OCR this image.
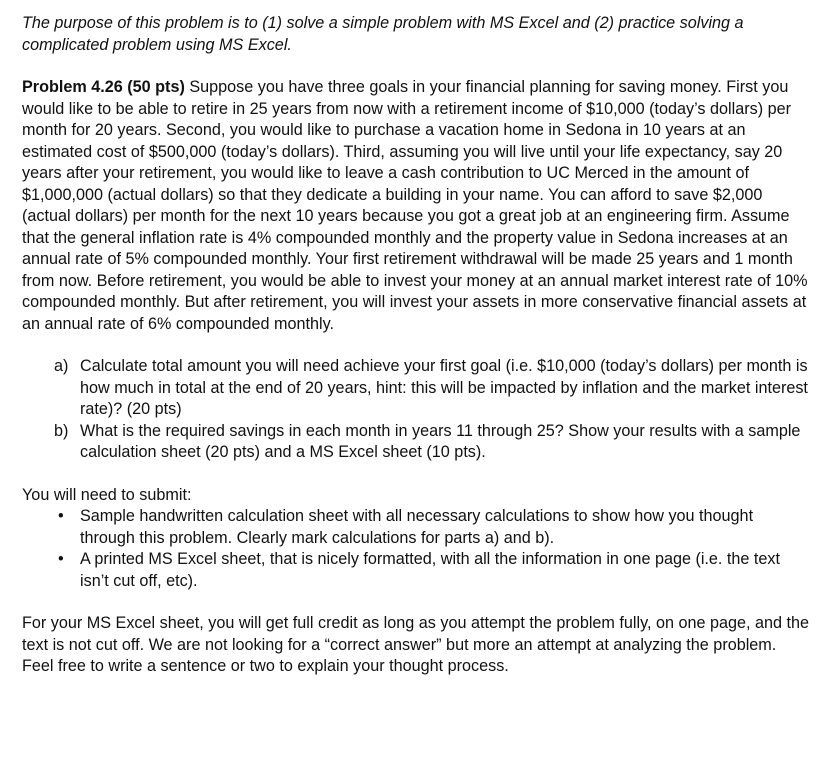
The purpose of this problem is to (1) solve a simple problem with MS Excel and (2) practice solving a complicated problem using MS Excel.

Problem 4.26 (50 pts) Suppose you have three goals in your financial planning for saving money. First you would like to be able to retire in 25 years from now with a retirement income of $10,000 (today’s dollars) per month for 20 years. Second, you would like to purchase a vacation home in Sedona in 10 years at an estimated cost of $500,000 (today’s dollars). Third, assuming you will live until your life expectancy, say 20 years after your retirement, you would like to leave a cash contribution to UC Merced in the amount of $1,000,000 (actual dollars) so that they dedicate a building in your name. You can afford to save $2,000 (actual dollars) per month for the next 10 years because you got a great job at an engineering firm. Assume that the general inflation rate is 4% compounded monthly and the property value in Sedona increases at an annual rate of 5% compounded monthly. Your first retirement withdrawal will be made 25 years and 1 month from now. Before retirement, you would be able to invest your money at an annual market interest rate of 10% compounded monthly. But after retirement, you will invest your assets in more conservative financial assets at an annual rate of 6% compounded monthly.

a) Calculate total amount you will need achieve your first goal (i.e. $10,000 (today’s dollars) per month is how much in total at the end of 20 years, hint: this will be impacted by inflation and the market interest rate)? (20 pts)
b) What is the required savings in each month in years 11 through 25? Show your results with a sample calculation sheet (20 pts) and a MS Excel sheet (10 pts).

You will need to submit:

• Sample handwritten calculation sheet with all necessary calculations to show how you thought through this problem. Clearly mark calculations for parts a) and b).
• A printed MS Excel sheet, that is nicely formatted, with all the information in one page (i.e. the text isn’t cut off, etc).

For your MS Excel sheet, you will get full credit as long as you attempt the problem fully, on one page, and the text is not cut off. We are not looking for a “correct answer” but more an attempt at analyzing the problem. Feel free to write a sentence or two to explain your thought process.
